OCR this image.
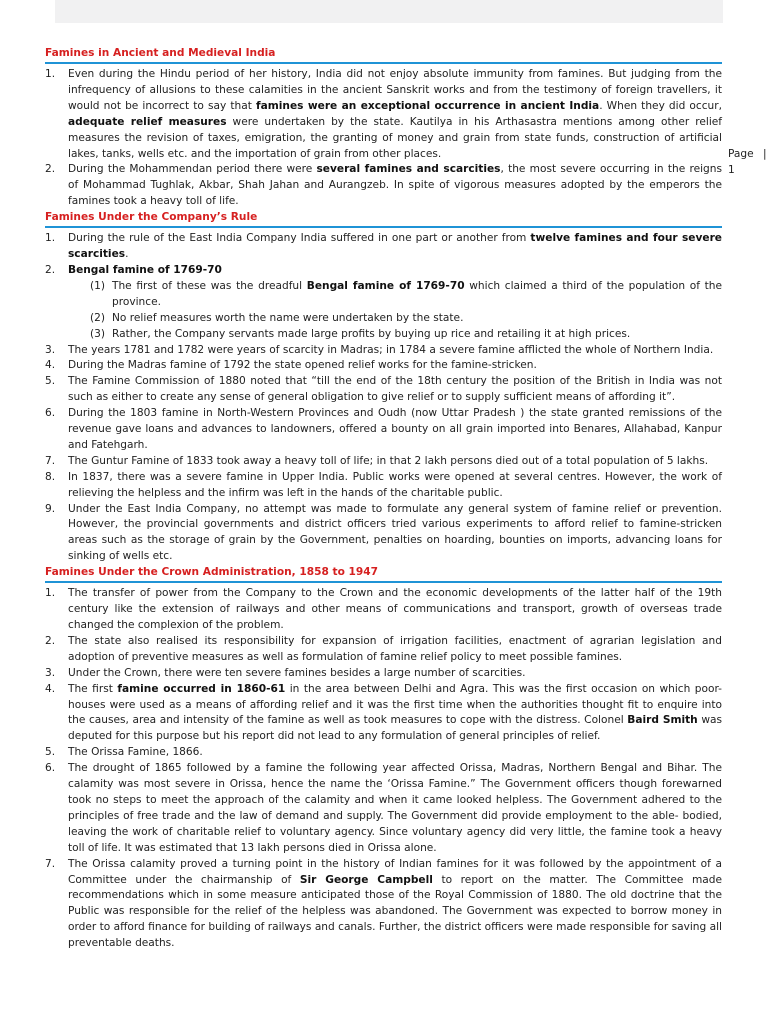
Page |
1
Famines in Ancient and Medieval India
1. Even during the Hindu period of her history, India did not enjoy absolute immunity from famines. But judging from the infrequency of allusions to these calamities in the ancient Sanskrit works and from the testimony of foreign travellers, it would not be incorrect to say that famines were an exceptional occurrence in ancient India. When they did occur, adequate relief measures were undertaken by the state. Kautilya in his Arthasastra mentions among other relief measures the revision of taxes, emigration, the granting of money and grain from state funds, construction of artificial lakes, tanks, wells etc. and the importation of grain from other places.
2. During the Mohammendan period there were several famines and scarcities, the most severe occurring in the reigns of Mohammad Tughlak, Akbar, Shah Jahan and Aurangzeb. In spite of vigorous measures adopted by the emperors the famines took a heavy toll of life.
Famines Under the Company’s Rule
1. During the rule of the East India Company India suffered in one part or another from twelve famines and four severe scarcities.
2. Bengal famine of 1769-70
(1) The first of these was the dreadful Bengal famine of 1769-70 which claimed a third of the population of the province.
(2) No relief measures worth the name were undertaken by the state.
(3) Rather, the Company servants made large profits by buying up rice and retailing it at high prices.
3. The years 1781 and 1782 were years of scarcity in Madras; in 1784 a severe famine afflicted the whole of Northern India.
4. During the Madras famine of 1792 the state opened relief works for the famine-stricken.
5. The Famine Commission of 1880 noted that “till the end of the 18th century the position of the British in India was not such as either to create any sense of general obligation to give relief or to supply sufficient means of affording it”.
6. During the 1803 famine in North-Western Provinces and Oudh (now Uttar Pradesh ) the state granted remissions of the revenue gave loans and advances to landowners, offered a bounty on all grain imported into Benares, Allahabad, Kanpur and Fatehgarh.
7. The Guntur Famine of 1833 took away a heavy toll of life; in that 2 lakh persons died out of a total population of 5 lakhs.
8. In 1837, there was a severe famine in Upper India. Public works were opened at several centres. However, the work of relieving the helpless and the infirm was left in the hands of the charitable public.
9. Under the East India Company, no attempt was made to formulate any general system of famine relief or prevention. However, the provincial governments and district officers tried various experiments to afford relief to famine-stricken areas such as the storage of grain by the Government, penalties on hoarding, bounties on imports, advancing loans for sinking of wells etc.
Famines Under the Crown Administration, 1858 to 1947
1. The transfer of power from the Company to the Crown and the economic developments of the latter half of the 19th century like the extension of railways and other means of communications and transport, growth of overseas trade changed the complexion of the problem.
2. The state also realised its responsibility for expansion of irrigation facilities, enactment of agrarian legislation and adoption of preventive measures as well as formulation of famine relief policy to meet possible famines.
3. Under the Crown, there were ten severe famines besides a large number of scarcities.
4. The first famine occurred in 1860-61 in the area between Delhi and Agra. This was the first occasion on which poor-houses were used as a means of affording relief and it was the first time when the authorities thought fit to enquire into the causes, area and intensity of the famine as well as took measures to cope with the distress. Colonel Baird Smith was deputed for this purpose but his report did not lead to any formulation of general principles of relief.
5. The Orissa Famine, 1866.
6. The drought of 1865 followed by a famine the following year affected Orissa, Madras, Northern Bengal and Bihar. The calamity was most severe in Orissa, hence the name the ‘Orissa Famine.” The Government officers though forewarned took no steps to meet the approach of the calamity and when it came looked helpless. The Government adhered to the principles of free trade and the law of demand and supply. The Government did provide employment to the able- bodied, leaving the work of charitable relief to voluntary agency. Since voluntary agency did very little, the famine took a heavy toll of life. It was estimated that 13 lakh persons died in Orissa alone.
7. The Orissa calamity proved a turning point in the history of Indian famines for it was followed by the appointment of a Committee under the chairmanship of Sir George Campbell to report on the matter. The Committee made recommendations which in some measure anticipated those of the Royal Commission of 1880. The old doctrine that the Public was responsible for the relief of the helpless was abandoned. The Government was expected to borrow money in order to afford finance for building of railways and canals. Further, the district officers were made responsible for saving all preventable deaths.
